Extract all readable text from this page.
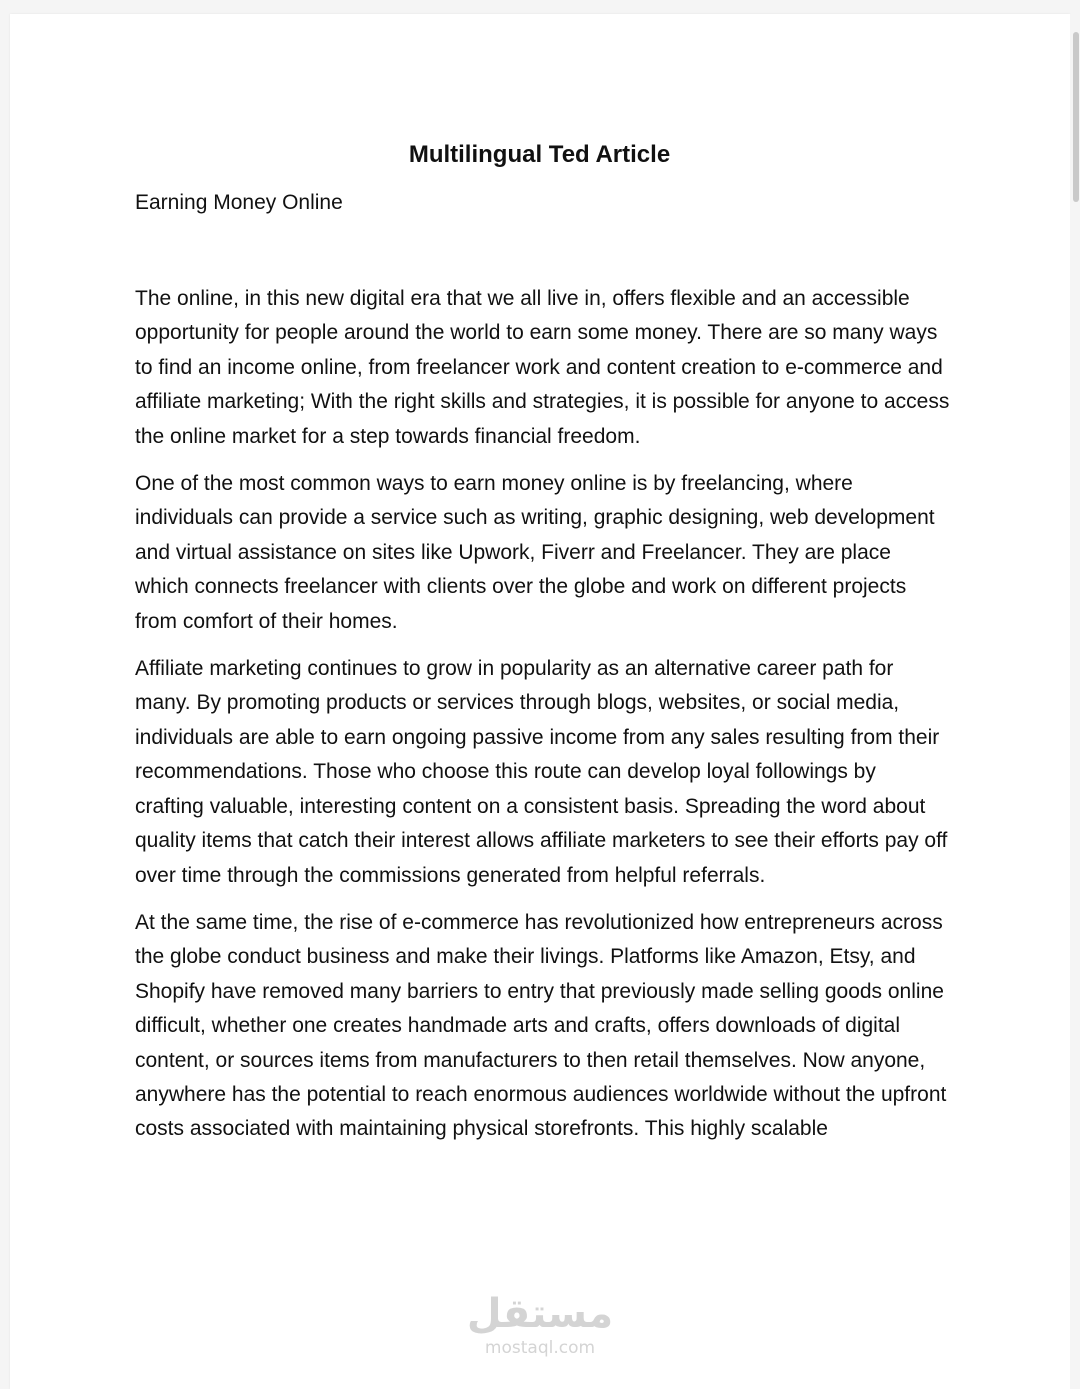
Multilingual Ted Article

Earning Money Online

The online, in this new digital era that we all live in, offers flexible and an accessible opportunity for people around the world to earn some money. There are so many ways to find an income online, from freelancer work and content creation to e-commerce and affiliate marketing; With the right skills and strategies, it is possible for anyone to access the online market for a step towards financial freedom.

One of the most common ways to earn money online is by freelancing, where individuals can provide a service such as writing, graphic designing, web development and virtual assistance on sites like Upwork, Fiverr and Freelancer. They are place which connects freelancer with clients over the globe and work on different projects from comfort of their homes.

Affiliate marketing continues to grow in popularity as an alternative career path for many. By promoting products or services through blogs, websites, or social media, individuals are able to earn ongoing passive income from any sales resulting from their recommendations. Those who choose this route can develop loyal followings by crafting valuable, interesting content on a consistent basis. Spreading the word about quality items that catch their interest allows affiliate marketers to see their efforts pay off over time through the commissions generated from helpful referrals.

At the same time, the rise of e-commerce has revolutionized how entrepreneurs across the globe conduct business and make their livings. Platforms like Amazon, Etsy, and Shopify have removed many barriers to entry that previously made selling goods online difficult, whether one creates handmade arts and crafts, offers downloads of digital content, or sources items from manufacturers to then retail themselves. Now anyone, anywhere has the potential to reach enormous audiences worldwide without the upfront costs associated with maintaining physical storefronts. This highly scalable

مستقل
mostaql.com
